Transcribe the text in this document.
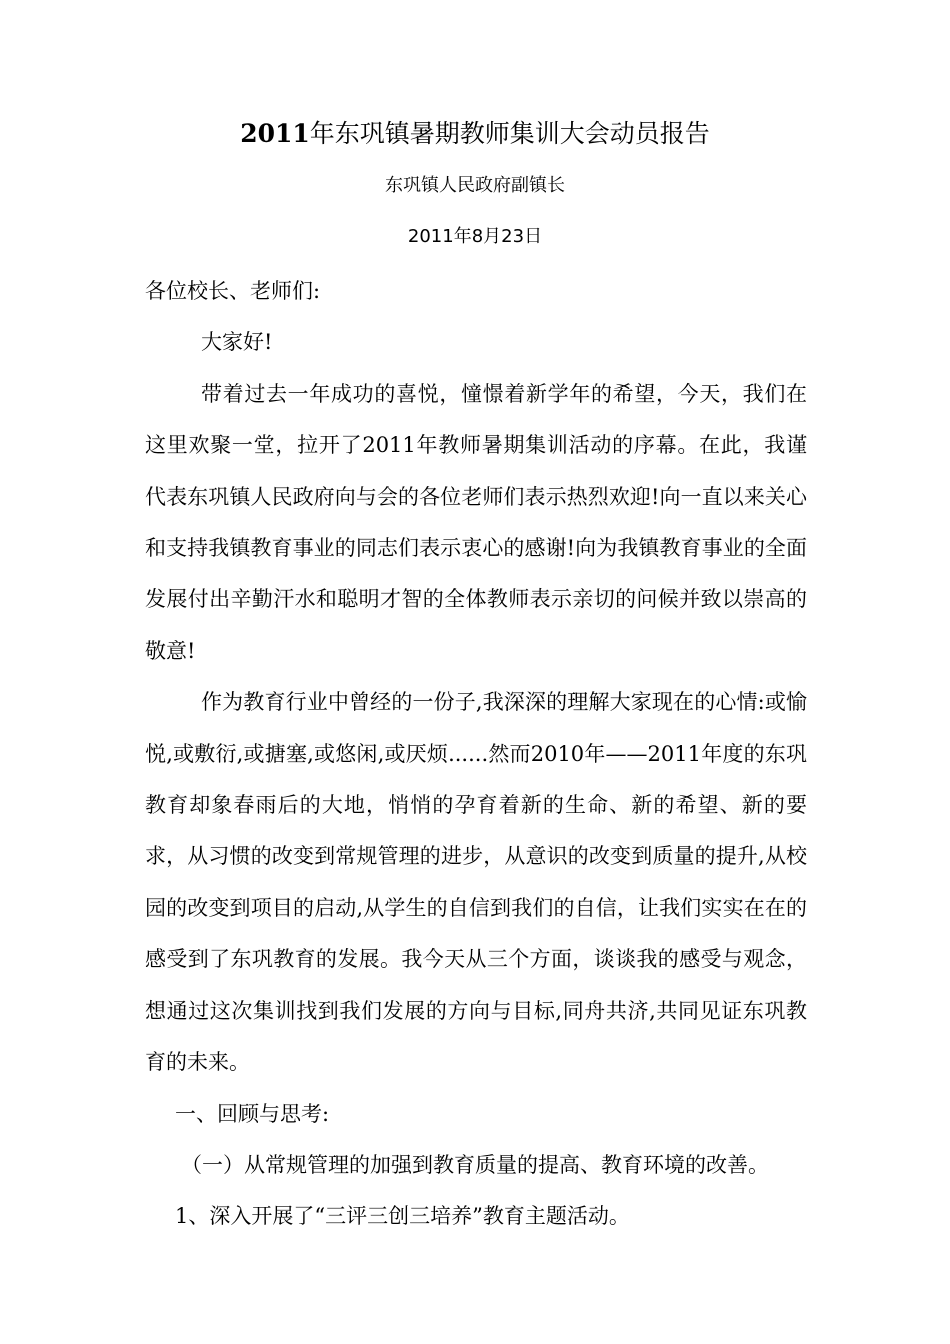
2011年东巩镇暑期教师集训大会动员报告
东巩镇人民政府副镇长
2011年8月23日

各位校长、老师们:

大家好!

带着过去一年成功的喜悦，憧憬着新学年的希望，今天，我们在这里欢聚一堂，拉开了2011年教师暑期集训活动的序幕。在此，我谨代表东巩镇人民政府向与会的各位老师们表示热烈欢迎!向一直以来关心和支持我镇教育事业的同志们表示衷心的感谢!向为我镇教育事业的全面发展付出辛勤汗水和聪明才智的全体教师表示亲切的问候并致以崇高的敬意!

作为教育行业中曾经的一份子,我深深的理解大家现在的心情:或愉悦,或敷衍,或搪塞,或悠闲,或厌烦......然而2010年——2011年度的东巩教育却象春雨后的大地，悄悄的孕育着新的生命、新的希望、新的要求，从习惯的改变到常规管理的进步，从意识的改变到质量的提升,从校园的改变到项目的启动,从学生的自信到我们的自信，让我们实实在在的感受到了东巩教育的发展。我今天从三个方面，谈谈我的感受与观念，想通过这次集训找到我们发展的方向与目标,同舟共济,共同见证东巩教育的未来。

一、回顾与思考:

（一）从常规管理的加强到教育质量的提高、教育环境的改善。

1、深入开展了“三评三创三培养”教育主题活动。
